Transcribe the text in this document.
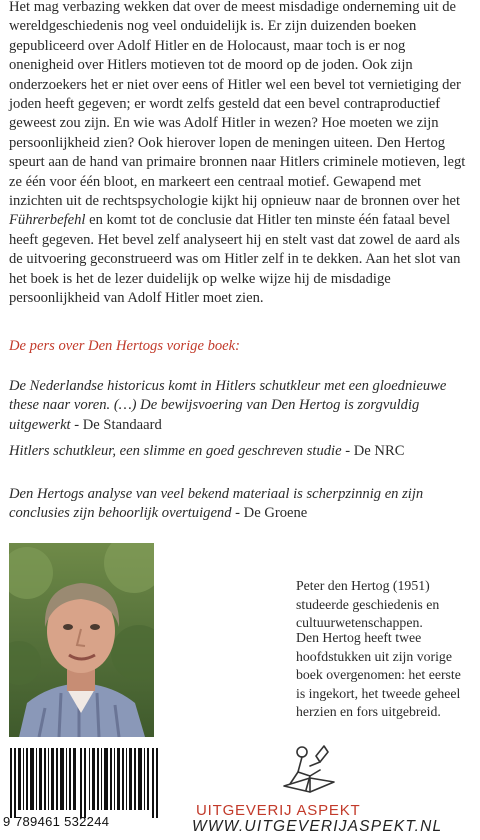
Het mag verbazing wekken dat over de meest misdadige onderneming uit de wereldgeschiedenis nog veel onduidelijk is. Er zijn duizenden boeken gepubliceerd over Adolf Hitler en de Holocaust, maar toch is er nog onenigheid over Hitlers motieven tot de moord op de joden. Ook zijn onderzoekers het er niet over eens of Hitler wel een bevel tot vernietiging der joden heeft gegeven; er wordt zelfs gesteld dat een bevel contraproductief geweest zou zijn. En wie was Adolf Hitler in wezen? Hoe moeten we zijn persoonlijkheid zien? Ook hierover lopen de meningen uiteen. Den Hertog speurt aan de hand van primaire bronnen naar Hitlers criminele motieven, legt ze één voor één bloot, en markeert een centraal motief. Gewapend met inzichten uit de rechtspsychologie kijkt hij opnieuw naar de bronnen over het Führerbefehl en komt tot de conclusie dat Hitler ten minste één fataal bevel heeft gegeven. Het bevel zelf analyseert hij en stelt vast dat zowel de aard als de uitvoering geconstrueerd was om Hitler zelf in te dekken. Aan het slot van het boek is het de lezer duidelijk op welke wijze hij de misdadige persoonlijkheid van Adolf Hitler moet zien.

De pers over Den Hertogs vorige boek:

De Nederlandse historicus komt in Hitlers schutkleur met een gloednieuwe these naar voren. (…) De bewijsvoering van Den Hertog is zorgvuldig uitgewerkt - De Standaard

Hitlers schutkleur, een slimme en goed geschreven studie - De NRC

Den Hertogs analyse van veel bekend materiaal is scherpzinnig en zijn conclusies zijn behoorlijk overtuigend - De Groene

Peter den Hertog (1951) studeerde geschiedenis en cultuurwetenschappen.

Den Hertog heeft twee hoofdstukken uit zijn vorige boek overgenomen: het eerste is ingekort, het tweede geheel herzien en fors uitgebreid.

9 789461 532244

UITGEVERIJ ASPEKT

WWW.UITGEVERIJASPEKT.NL
